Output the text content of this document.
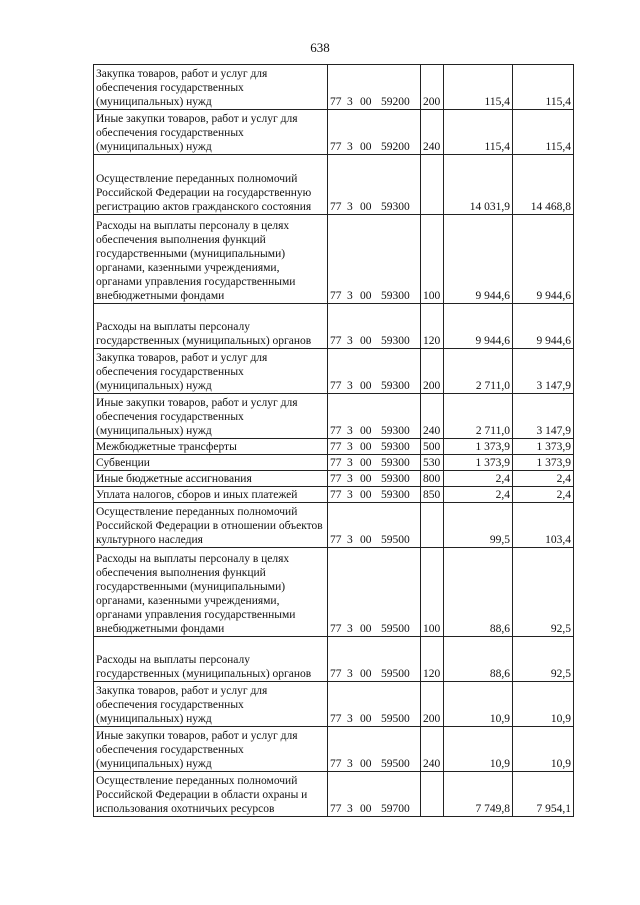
638
Закупка товаров, работ и услуг для обеспечения государственных (муниципальных) нужд	77 3 00 59200	200	115,4	115,4

Иные закупки товаров, работ и услуг для обеспечения государственных (муниципальных) нужд	77 3 00 59200	240	115,4	115,4

Осуществление переданных полномочий Российской Федерации на государственную регистрацию актов гражданского состояния	77 3 00 59300		14 031,9	14 468,8

Расходы на выплаты персоналу в целях обеспечения выполнения функций государственными (муниципальными) органами, казенными учреждениями, органами управления государственными внебюджетными фондами	77 3 00 59300	100	9 944,6	9 944,6

Расходы на выплаты персоналу государственных (муниципальных) органов	77 3 00 59300	120	9 944,6	9 944,6

Закупка товаров, работ и услуг для обеспечения государственных (муниципальных) нужд	77 3 00 59300	200	2 711,0	3 147,9

Иные закупки товаров, работ и услуг для обеспечения государственных (муниципальных) нужд	77 3 00 59300	240	2 711,0	3 147,9

Межбюджетные трансферты	77 3 00 59300	500	1 373,9	1 373,9

Субвенции	77 3 00 59300	530	1 373,9	1 373,9

Иные бюджетные ассигнования	77 3 00 59300	800	2,4	2,4

Уплата налогов, сборов и иных платежей	77 3 00 59300	850	2,4	2,4

Осуществление переданных полномочий Российской Федерации в отношении объектов культурного наследия	77 3 00 59500		99,5	103,4

Расходы на выплаты персоналу в целях обеспечения выполнения функций государственными (муниципальными) органами, казенными учреждениями, органами управления государственными внебюджетными фондами	77 3 00 59500	100	88,6	92,5

Расходы на выплаты персоналу государственных (муниципальных) органов	77 3 00 59500	120	88,6	92,5

Закупка товаров, работ и услуг для обеспечения государственных (муниципальных) нужд	77 3 00 59500	200	10,9	10,9

Иные закупки товаров, работ и услуг для обеспечения государственных (муниципальных) нужд	77 3 00 59500	240	10,9	10,9

Осуществление переданных полномочий Российской Федерации в области охраны и использования охотничьих ресурсов	77 3 00 59700		7 749,8	7 954,1
